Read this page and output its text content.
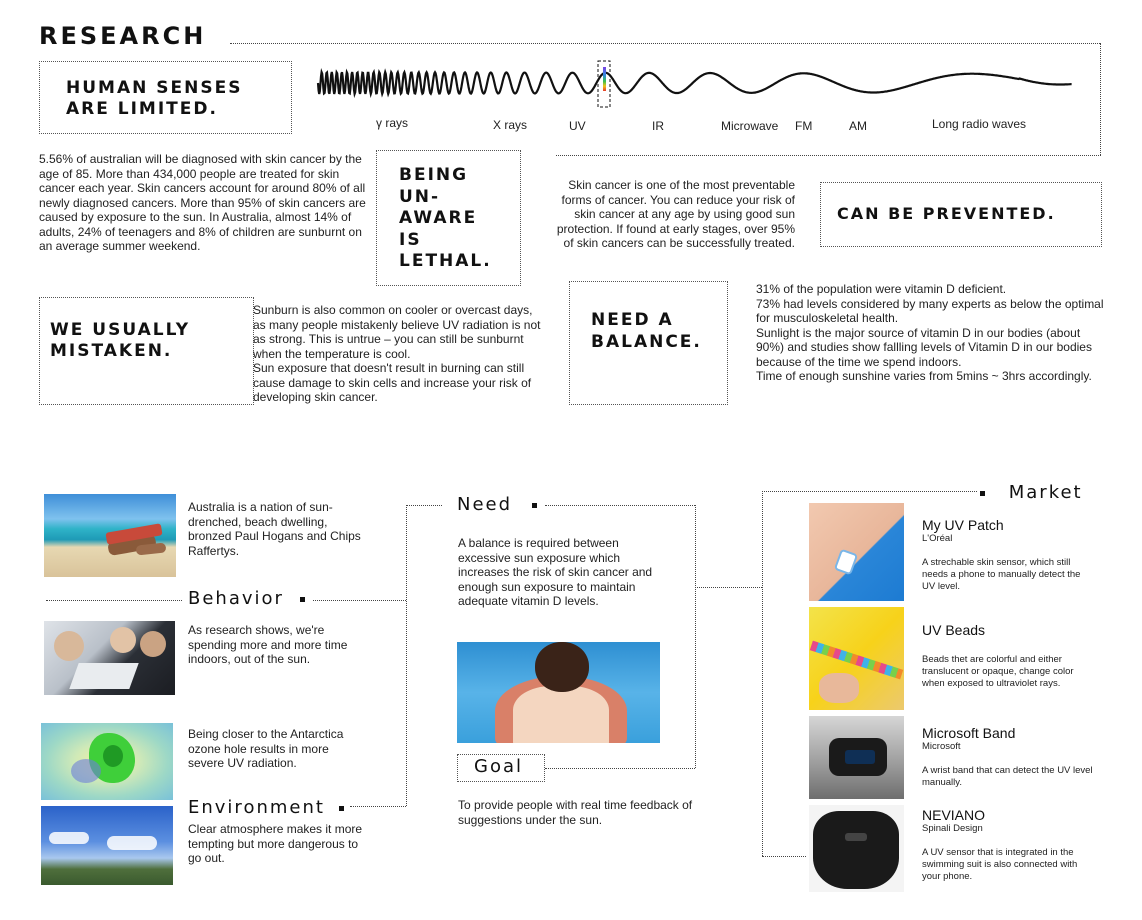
RESEARCH
γ rays	X rays	UV	IR	Microwave FM	AM	Long radio waves
HUMAN SENSES ARE LIMITED.
5.56% of australian will be diagnosed with skin cancer by the age of 85. More than 434,000 people are treated for skin cancer each year. Skin cancers account for around 80% of all newly diagnosed cancers. More than 95% of skin cancers are caused by exposure to the sun. In Australia, almost 14% of adults, 24% of teenagers and 8% of children are sunburnt on an average summer weekend.
BEING UN- AWARE IS LETHAL.
Skin cancer is one of the most preventable forms of cancer. You can reduce your risk of skin cancer at any age by using good sun protection. If found at early stages, over 95% of skin cancers can be successfully treated.
CAN BE PREVENTED.
WE USUALLY MISTAKEN.
Sunburn is also common on cooler or overcast days, as many people mistakenly believe UV radiation is not as strong. This is untrue – you can still be sunburnt when the temperature is cool.
Sun exposure that doesn't result in burning can still cause damage to skin cells and increase your risk of developing skin cancer.
NEED A BALANCE.
31% of the population were vitamin D deficient.
73% had levels considered by many experts as below the optimal for musculoskeletal health.
Sunlight is the major source of vitamin D in our bodies (about 90%) and studies show fallling levels of Vitamin D in our bodies because of the time we spend indoors.
Time of enough sunshine varies from 5mins ~ 3hrs accordingly.
Australia is a nation of sun-drenched, beach dwelling, bronzed Paul Hogans and Chips Raffertys.
Behavior
As research shows, we're spending more and more time indoors, out of the sun.
Being closer to the Antarctica ozone hole results in more severe UV radiation.
Environment
Clear atmosphere makes it more tempting but more dangerous to go out.
Need
A balance is required between excessive sun exposure which increases the risk of skin cancer and enough sun exposure to maintain adequate vitamin D levels.
Goal
To provide people with real time feedback of suggestions under the sun.
Market
My UV Patch
L'Oréal
A strechable skin sensor, which still needs a phone to manually detect the UV level.
UV Beads
Beads thet are colorful and either translucent or opaque, change color when exposed to ultraviolet rays.
Microsoft Band
Microsoft
A wrist band that can detect the UV level manually.
NEVIANO
Spinali Design
A UV sensor that is integrated in the swimming suit is also connected with your phone.
